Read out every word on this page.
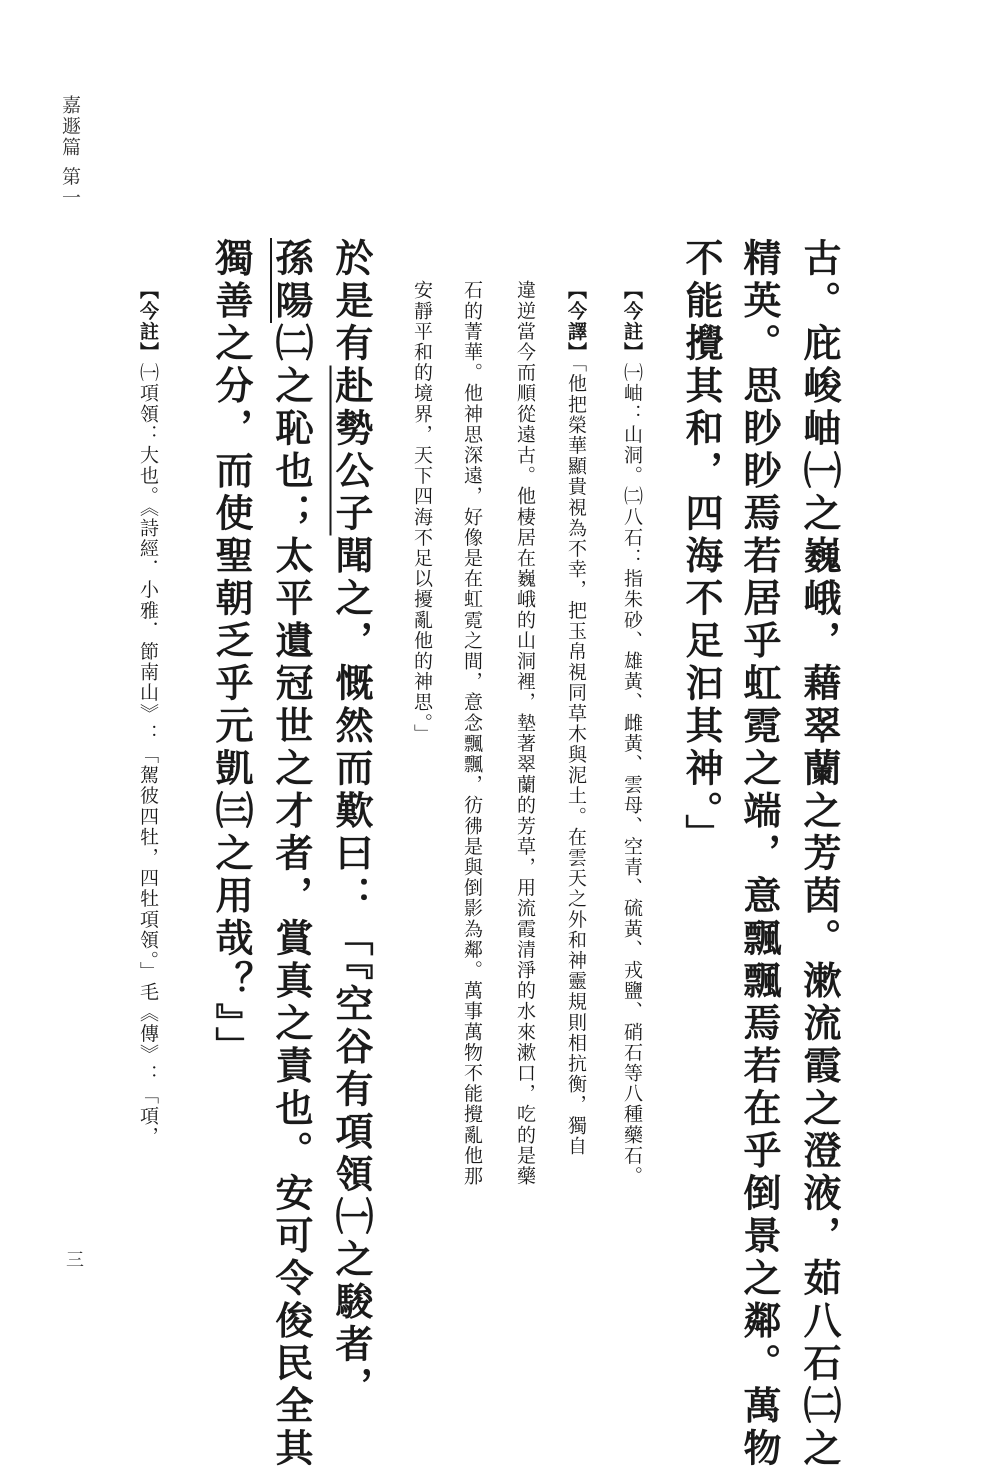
嘉遯篇 第一
三	古。庇峻岫㈠之巍峨，藉翠蘭之芳茵。漱流霞之澄液，茹八石㈡之
精英。思眇眇焉若居乎虹霓之端，意飄飄焉若在乎倒景之鄰。萬物
不能攪其和，四海不足汩其神。」
【今註】㈠岫：山洞。㈡八石：指朱砂、雄黃、雌黃、雲母、空青、硫黃、戎鹽、硝石等八種藥石。
【今譯】「他把榮華顯貴視為不幸，把玉帛視同草木與泥土。在雲天之外和神靈規則相抗衡，獨自
違逆當今而順從遠古。他棲居在巍峨的山洞裡，墊著翠蘭的芳草，用流霞清淨的水來漱口，吃的是藥
石的菁華。他神思深遠，好像是在虹霓之間，意念飄飄，彷彿是與倒影為鄰。萬事萬物不能攪亂他那
安靜平和的境界，天下四海不足以擾亂他的神思。」
於是有赴勢公子聞之，慨然而歎曰：「『空谷有項領㈠之駿者，
孫陽㈡之恥也；太平遺冠世之才者，賞真之責也。安可令俊民全其
獨善之分，而使聖朝乏乎元凱㈢之用哉？』」
【今註】㈠項領：大也。《詩經．小雅．節南山》：「駕彼四牡，四牡項領。」毛《傳》：「項，
